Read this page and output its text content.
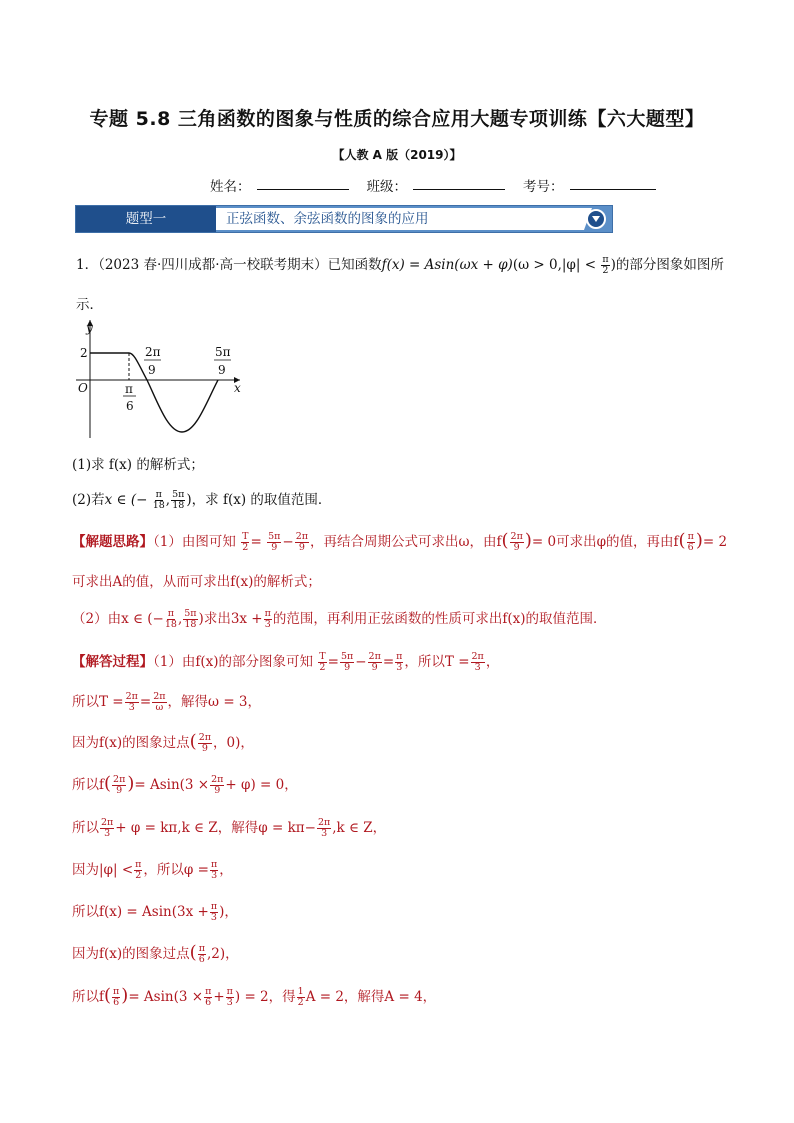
专题 5.8 三角函数的图象与性质的综合应用大题专项训练【六大题型】
【人教 A 版（2019）】
姓名：	班级：	考号：
正弦函数、余弦函数的图象的应用
题型一
1．（2023 春·四川成都·高一校联考期末）已知函数$f(x) = Asin(\omega x + \varphi)(\omega > 0,|\varphi| < \frac{\pi}{2}$ )的部分图象如图所
示．
y
x
O
2	2π
9
5π
9
π
6
(1)求 f(x) 的解析式；
(2)若x ∈ (− $\frac{\pi}{18}$ , $\frac{5\pi}{18}$ )，求 f(x) 的取值范围．
【解题思路】（1）由图可知 $\frac{T}{2} = \frac{5\pi}{9} - \frac{2\pi}{9}$ ，再结合周期公式可求出ω，由$f( \frac{2\pi}{9}$ )= 0可求出φ的值，再由$f( \frac{\pi}{6}$ )= 2
可求出A的值，从而可求出f(x)的解析式；
（2）由x ∈ (− $\frac{\pi}{18}$ , $\frac{5\pi}{18}$ )求出$3x + \frac{\pi}{3}$ 的范围，再利用正弦函数的性质可求出f(x)的取值范围．
【解答过程】（1）由f(x)的部分图象可知 $\frac{T}{2} = \frac{5\pi}{9} - \frac{2\pi}{9} = \frac{\pi}{3}$ ，所以$T = \frac{2\pi}{3}$ ，
所以$T = \frac{2\pi}{3} = \frac{2\pi}{\omega}$ ，解得ω = 3，
因为f(x)的图象过点( $\frac{2\pi}{9}$ ，0)，
所以$f( \frac{2\pi}{9}$ )= $Asin(3 \times \frac{2\pi}{9} + \varphi) = 0$，
所以 $\frac{2\pi}{3} + \varphi = k\pi,k$ ∈ Z，解得$\varphi = k\pi- \frac{2\pi}{3} ,k$ ∈ Z，
因为$|\varphi| < \frac{\pi}{2}$ ，所以$\varphi = \frac{\pi}{3}$ ，
所以$f(x) = Asin(3x + \frac{\pi}{3}$ )，
因为f(x)的图象过点( $\frac{\pi}{6} ,2$)，
所以$f( \frac{\pi}{6}$ )= $Asin(3 \times \frac{\pi}{6} + \frac{\pi}{3}$ ) = 2，得 $\frac{1}{2}$ A = 2，解得A = 4，
